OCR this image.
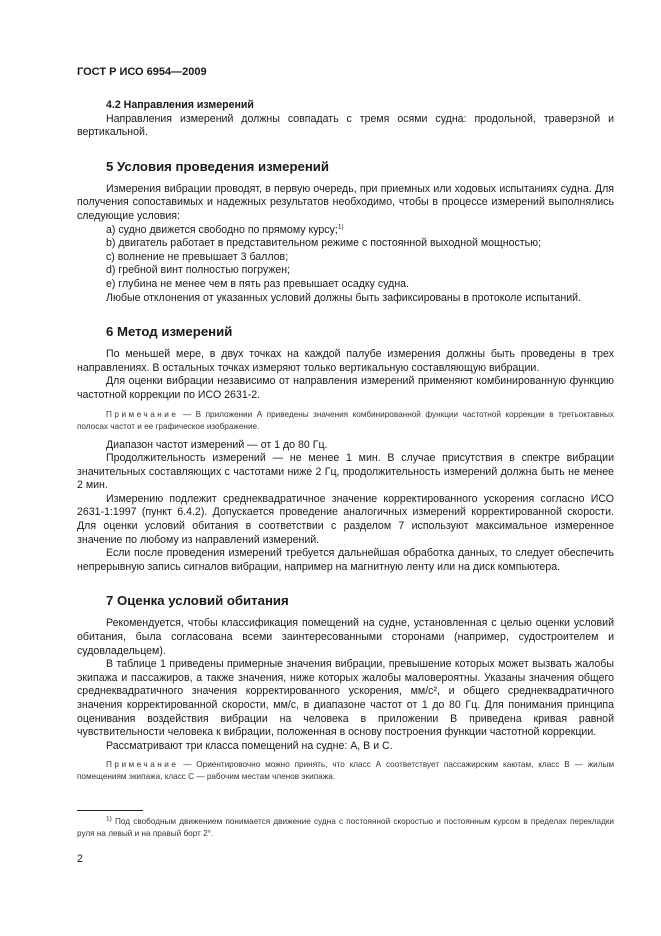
ГОСТ Р ИСО 6954—2009
4.2 Направления измерений

Направления измерений должны совпадать с тремя осями судна: продольной, траверзной и вертикальной.

5 Условия проведения измерений

Измерения вибрации проводят, в первую очередь, при приемных или ходовых испытаниях судна. Для получения сопоставимых и надежных результатов необходимо, чтобы в процессе измерений выполнялись следующие условия:

a) судно движется свободно по прямому курсу;$^{1)}$

b) двигатель работает в представительном режиме с постоянной выходной мощностью;

c) волнение не превышает 3 баллов;

d) гребной винт полностью погружен;

e) глубина не менее чем в пять раз превышает осадку судна.

Любые отклонения от указанных условий должны быть зафиксированы в протоколе испытаний.

6 Метод измерений

По меньшей мере, в двух точках на каждой палубе измерения должны быть проведены в трех направлениях. В остальных точках измеряют только вертикальную составляющую вибрации.

Для оценки вибрации независимо от направления измерений применяют комбинированную функцию частотной коррекции по ИСО 2631-2.

Примечание — В приложении А приведены значения комбинированной функции частотной коррекции в третьоктавных полосах частот и ее графическое изображение.

Диапазон частот измерений — от 1 до 80 Гц.

Продолжительность измерений — не менее 1 мин. В случае присутствия в спектре вибрации значительных составляющих с частотами ниже 2 Гц, продолжительность измерений должна быть не менее 2 мин.

Измерению подлежит среднеквадратичное значение корректированного ускорения согласно ИСО 2631-1:1997 (пункт 6.4.2). Допускается проведение аналогичных измерений корректированной скорости. Для оценки условий обитания в соответствии с разделом 7 используют максимальное измеренное значение по любому из направлений измерений.

Если после проведения измерений требуется дальнейшая обработка данных, то следует обеспечить непрерывную запись сигналов вибрации, например на магнитную ленту или на диск компьютера.

7 Оценка условий обитания

Рекомендуется, чтобы классификация помещений на судне, установленная с целью оценки условий обитания, была согласована всеми заинтересованными сторонами (например, судостроителем и судовладельцем).

В таблице 1 приведены примерные значения вибрации, превышение которых может вызвать жалобы экипажа и пассажиров, а также значения, ниже которых жалобы маловероятны. Указаны значения общего среднеквадратичного значения корректированного ускорения, мм/с², и общего среднеквадратичного значения корректированной скорости, мм/с, в диапазоне частот от 1 до 80 Гц. Для понимания принципа оценивания воздействия вибрации на человека в приложении В приведена кривая равной чувствительности человека к вибрации, положенная в основу построения функции частотной коррекции.

Рассматривают три класса помещений на судне: А, В и С.

Примечание — Ориентировочно можно принять, что класс А соответствует пассажирским каютам, класс В — жилым помещениям экипажа, класс С — рабочим местам членов экипажа.
$^{1)}$ Под свободным движением понимается движение судна с постоянной скоростью и постоянным курсом в пределах перекладки руля на левый и на правый борт 2°.
2
